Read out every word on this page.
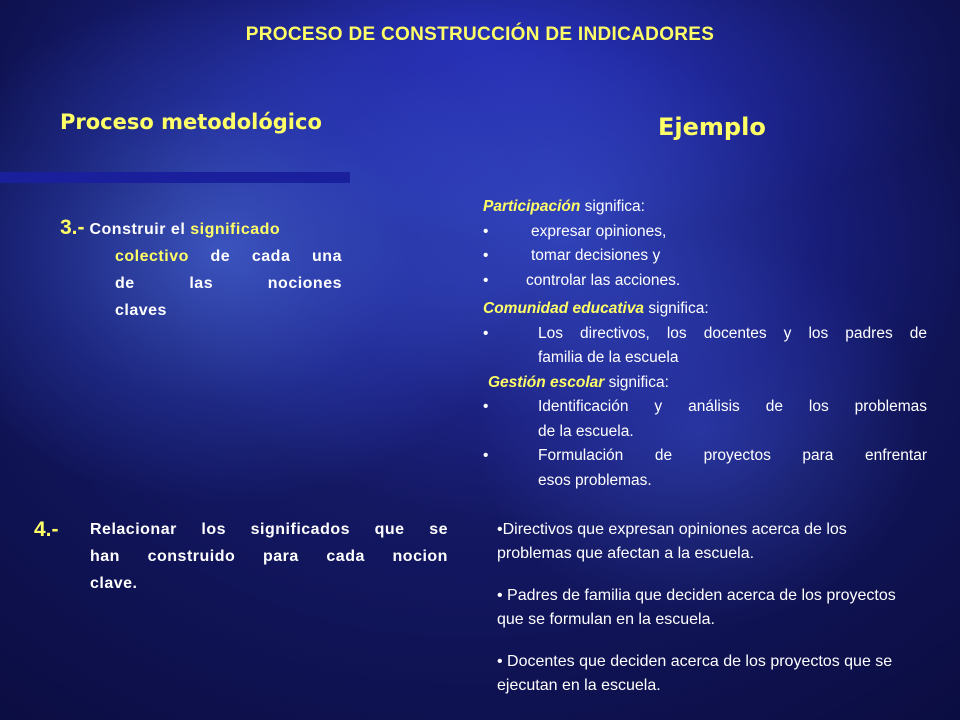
PROCESO DE CONSTRUCCIÓN DE INDICADORES
Proceso metodológico	Ejemplo
3.- Construir el significado
colectivo de cada una
de	las	nociones
claves
4.-	Relacionar los significados que se
han construido para cada nocion
clave.
Participación significa:
•	expresar opiniones,
•	tomar decisiones y
•	controlar las acciones.
Comunidad educativa significa:
•	Los directivos, los docentes y los padres de
familia de la escuela
Gestión escolar significa:
•	Identificación y análisis de los problemas
de la escuela.
•	Formulación de proyectos para enfrentar
esos problemas.

•Directivos que expresan opiniones acerca de los problemas que afectan a la escuela.

• Padres de familia que deciden acerca de los proyectos que se formulan en la escuela.

• Docentes que deciden acerca de los proyectos que se ejecutan en la escuela.
